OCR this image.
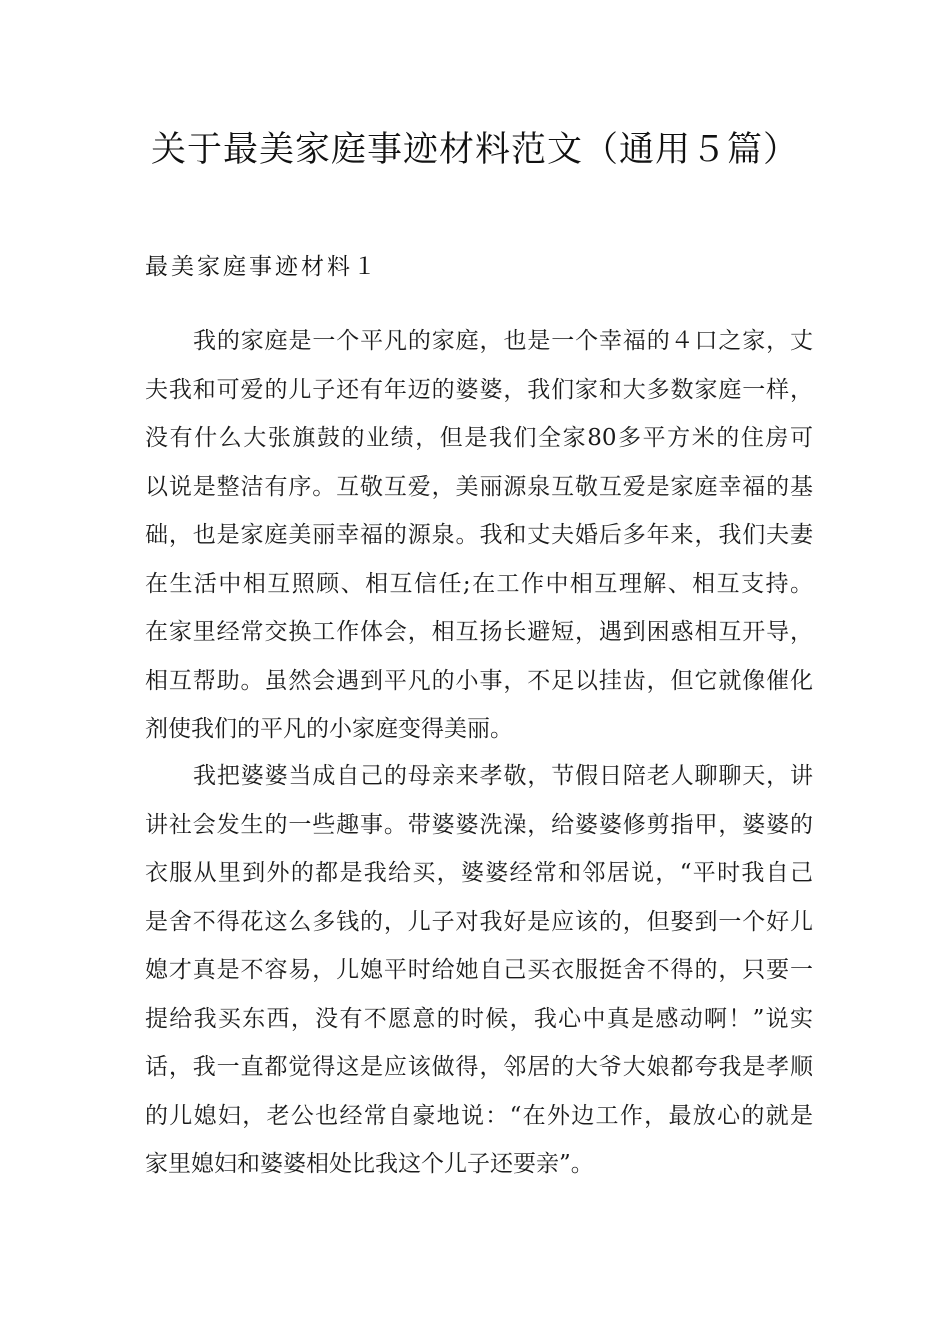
关于最美家庭事迹材料范文（通用５篇）
最美家庭事迹材料１

我的家庭是一个平凡的家庭，也是一个幸福的４口之家，丈
夫我和可爱的儿子还有年迈的婆婆，我们家和大多数家庭一样，
没有什么大张旗鼓的业绩，但是我们全家80多平方米的住房可
以说是整洁有序。互敬互爱，美丽源泉互敬互爱是家庭幸福的基
础，也是家庭美丽幸福的源泉。我和丈夫婚后多年来，我们夫妻
在生活中相互照顾、相互信任;在工作中相互理解、相互支持。
在家里经常交换工作体会，相互扬长避短，遇到困惑相互开导，
相互帮助。虽然会遇到平凡的小事，不足以挂齿，但它就像催化
剂使我们的平凡的小家庭变得美丽。

我把婆婆当成自己的母亲来孝敬，节假日陪老人聊聊天，讲
讲社会发生的一些趣事。带婆婆洗澡，给婆婆修剪指甲，婆婆的
衣服从里到外的都是我给买，婆婆经常和邻居说，“平时我自己
是舍不得花这么多钱的，儿子对我好是应该的，但娶到一个好儿
媳才真是不容易，儿媳平时给她自己买衣服挺舍不得的，只要一
提给我买东西，没有不愿意的时候，我心中真是感动啊！”说实
话，我一直都觉得这是应该做得，邻居的大爷大娘都夸我是孝顺
的儿媳妇，老公也经常自豪地说：“在外边工作，最放心的就是
家里媳妇和婆婆相处比我这个儿子还要亲”。
